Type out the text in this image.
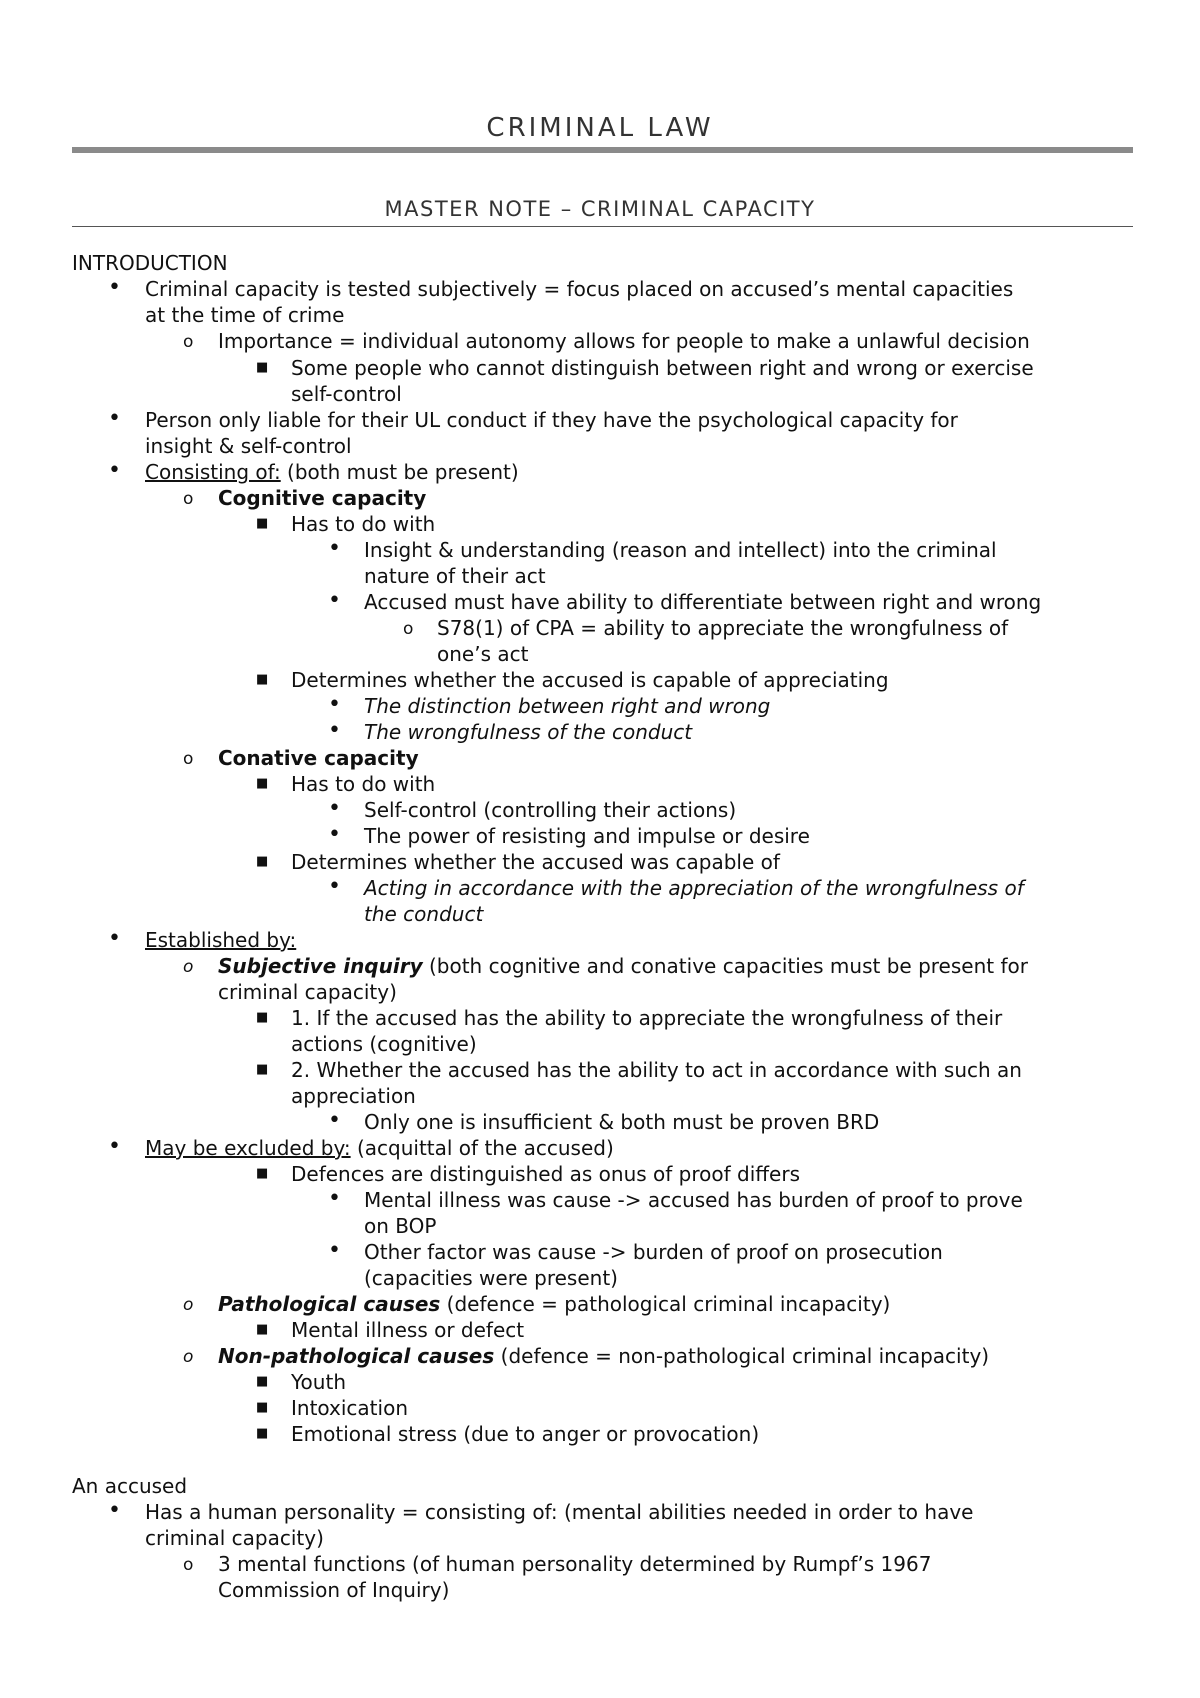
CRIMINAL LAW
MASTER NOTE – CRIMINAL CAPACITY
INTRODUCTION
• Criminal capacity is tested subjectively = focus placed on accused’s mental capacities
at the time of crime
o Importance = individual autonomy allows for people to make a unlawful decision
■ Some people who cannot distinguish between right and wrong or exercise
self-control
• Person only liable for their UL conduct if they have the psychological capacity for
insight & self-control
• Consisting of: (both must be present)
o Cognitive capacity
■ Has to do with
• Insight & understanding (reason and intellect) into the criminal
nature of their act
• Accused must have ability to differentiate between right and wrong
o S78(1) of CPA = ability to appreciate the wrongfulness of
one’s act
■ Determines whether the accused is capable of appreciating
• The distinction between right and wrong
• The wrongfulness of the conduct
o Conative capacity
■ Has to do with
• Self-control (controlling their actions)
• The power of resisting and impulse or desire
■ Determines whether the accused was capable of
• Acting in accordance with the appreciation of the wrongfulness of
the conduct
• Established by:
o Subjective inquiry (both cognitive and conative capacities must be present for
criminal capacity)
■ 1. If the accused has the ability to appreciate the wrongfulness of their
actions (cognitive)
■ 2. Whether the accused has the ability to act in accordance with such an
appreciation
• Only one is insufficient & both must be proven BRD
• May be excluded by: (acquittal of the accused)
■ Defences are distinguished as onus of proof differs
• Mental illness was cause -> accused has burden of proof to prove
on BOP
• Other factor was cause -> burden of proof on prosecution
(capacities were present)
o Pathological causes (defence = pathological criminal incapacity)
■ Mental illness or defect
o Non-pathological causes (defence = non-pathological criminal incapacity)
■ Youth
■ Intoxication
■ Emotional stress (due to anger or provocation)
An accused
• Has a human personality = consisting of: (mental abilities needed in order to have
criminal capacity)
o 3 mental functions (of human personality determined by Rumpf’s 1967
Commission of Inquiry)
